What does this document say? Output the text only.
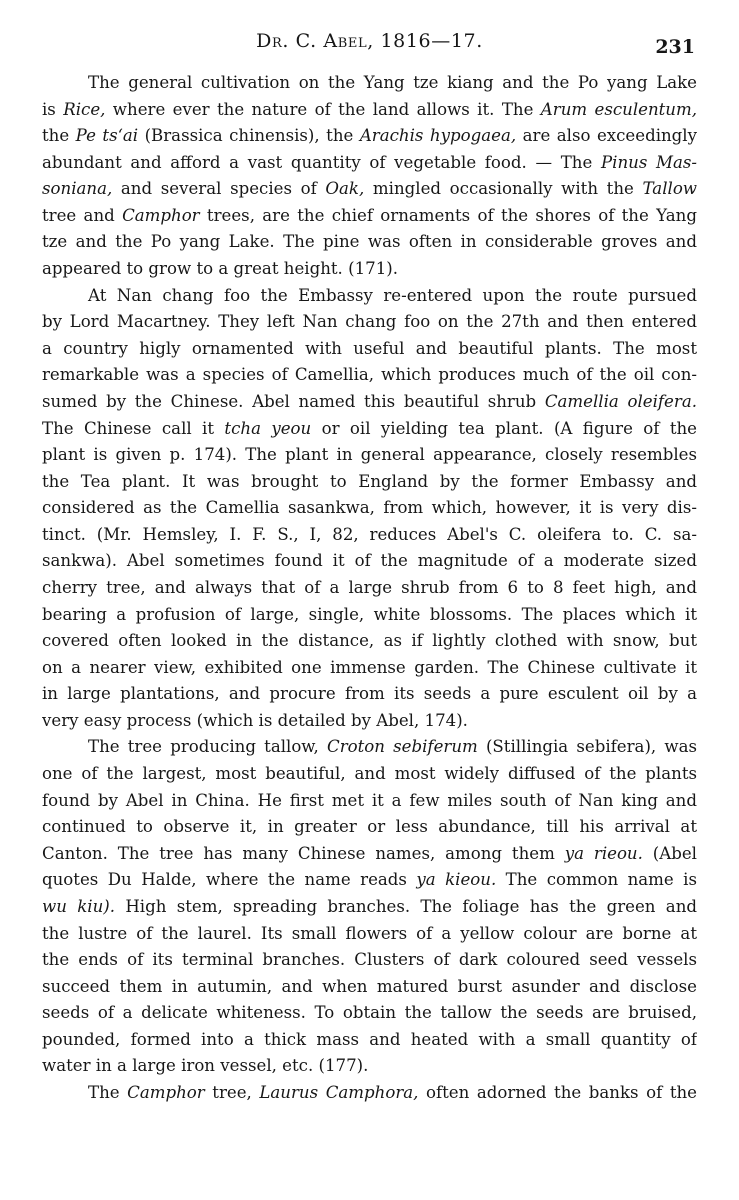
Dr. C. Abel, 1816—17.	231
The general cultivation on the Yang tze kiang and the Po yang Lake
is Rice, where ever the nature of the land allows it. The Arum esculentum,
the Pe tsʻai (Brassica chinensis), the Arachis hypogaea, are also exceedingly
abundant and afford a vast quantity of vegetable food. — The Pinus Mas-
soniana, and several species of Oak, mingled occasionally with the Tallow
tree and Camphor trees, are the chief ornaments of the shores of the Yang
tze and the Po yang Lake. The pine was often in considerable groves and
appeared to grow to a great height. (171).
At Nan chang foo the Embassy re-entered upon the route pursued
by Lord Macartney. They left Nan chang foo on the 27th and then entered
a country higly ornamented with useful and beautiful plants. The most
remarkable was a species of Camellia, which produces much of the oil con-
sumed by the Chinese. Abel named this beautiful shrub Camellia oleifera.
The Chinese call it tcha yeou or oil yielding tea plant. (A figure of the
plant is given p. 174). The plant in general appearance, closely resembles
the Tea plant. It was brought to England by the former Embassy and
considered as the Camellia sasankwa, from which, however, it is very dis-
tinct. (Mr. Hemsley, I. F. S., I, 82, reduces Abel's C. oleifera to. C. sa-
sankwa). Abel sometimes found it of the magnitude of a moderate sized
cherry tree, and always that of a large shrub from 6 to 8 feet high, and
bearing a profusion of large, single, white blossoms. The places which it
covered often looked in the distance, as if lightly clothed with snow, but
on a nearer view, exhibited one immense garden. The Chinese cultivate it
in large plantations, and procure from its seeds a pure esculent oil by a
very easy process (which is detailed by Abel, 174).
The tree producing tallow, Croton sebiferum (Stillingia sebifera), was
one of the largest, most beautiful, and most widely diffused of the plants
found by Abel in China. He first met it a few miles south of Nan king and
continued to observe it, in greater or less abundance, till his arrival at
Canton. The tree has many Chinese names, among them ya rieou. (Abel
quotes Du Halde, where the name reads ya kieou. The common name is
wu kiu). High stem, spreading branches. The foliage has the green and
the lustre of the laurel. Its small flowers of a yellow colour are borne at
the ends of its terminal branches. Clusters of dark coloured seed vessels
succeed them in autumin, and when matured burst asunder and disclose
seeds of a delicate whiteness. To obtain the tallow the seeds are bruised,
pounded, formed into a thick mass and heated with a small quantity of
water in a large iron vessel, etc. (177).
The Camphor tree, Laurus Camphora, often adorned the banks of the
